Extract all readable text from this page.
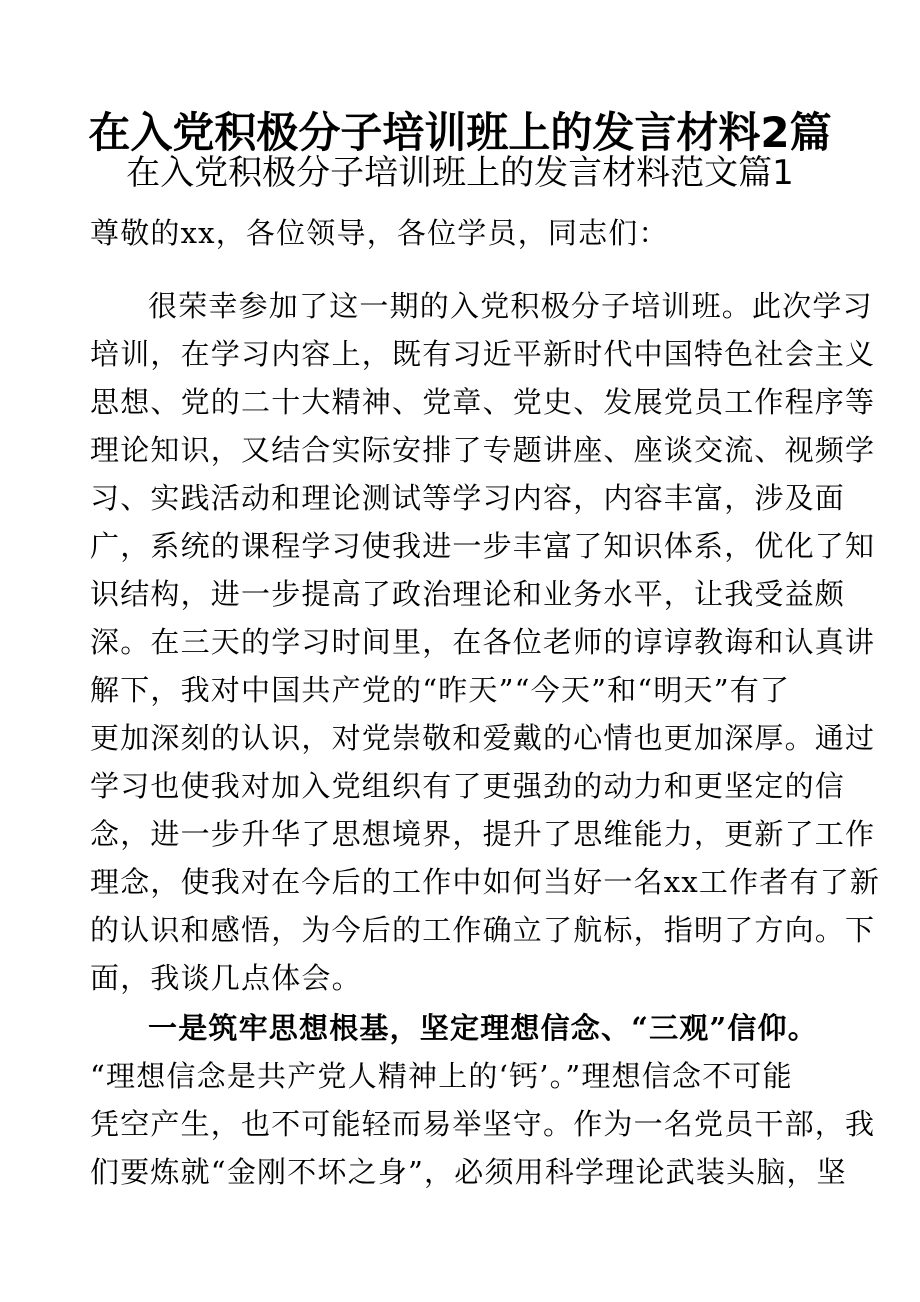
在入党积极分子培训班上的发言材料2篇
在入党积极分子培训班上的发言材料范文篇1
尊敬的xx，各位领导，各位学员，同志们：
很荣幸参加了这一期的入党积极分子培训班。此次学习
培训，在学习内容上，既有习近平新时代中国特色社会主义
思想、党的二十大精神、党章、党史、发展党员工作程序等
理论知识，又结合实际安排了专题讲座、座谈交流、视频学
习、实践活动和理论测试等学习内容，内容丰富，涉及面
广，系统的课程学习使我进一步丰富了知识体系，优化了知
识结构，进一步提高了政治理论和业务水平，让我受益颇
深。在三天的学习时间里，在各位老师的谆谆教诲和认真讲
解下，我对中国共产党的“昨天”“今天”和“明天”有了
更加深刻的认识，对党崇敬和爱戴的心情也更加深厚。通过
学习也使我对加入党组织有了更强劲的动力和更坚定的信
念，进一步升华了思想境界，提升了思维能力，更新了工作
理念，使我对在今后的工作中如何当好一名xx工作者有了新
的认识和感悟，为今后的工作确立了航标，指明了方向。下
面，我谈几点体会。
一是筑牢思想根基，坚定理想信念、“三观”信仰。
“理想信念是共产党人精神上的‘钙’。”理想信念不可能
凭空产生，也不可能轻而易举坚守。作为一名党员干部，我
们要炼就“金刚不坏之身”，必须用科学理论武装头脑，坚
